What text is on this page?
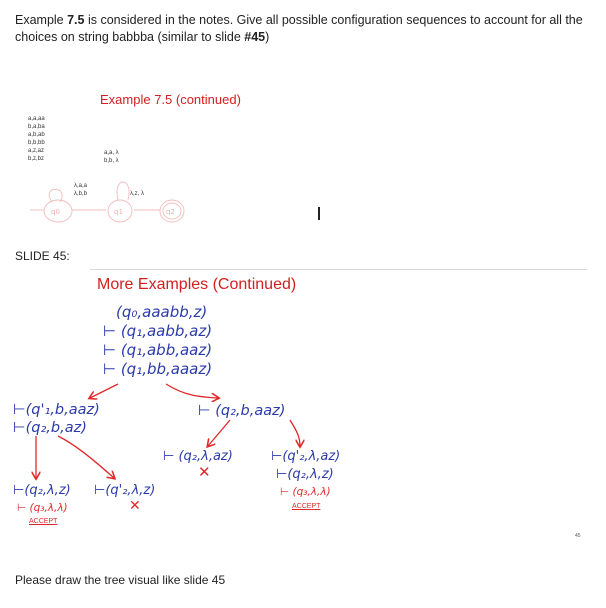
Example 7.5 is considered in the notes. Give all possible configuration sequences to account for all the choices on string babbba (similar to slide #45)
Example 7.5 (continued)
a,a,aa
b,a,ba
a,b,ab
b,b,bb
a,z,az
b,z,bz
a,a, λ
b,b, λ
λ,a,a
λ,b,b	λ,z, λ
q0	q1	q2
SLIDE 45:
More Examples (Continued)
(q₀,aaabb,z)
⊢ (q₁,aabb,az)
⊢ (q₁,abb,aaz)
⊢ (q₁,bb,aaaz)
⊢(q'₁,b,aaz)
⊢(q₂,b,az)
⊢ (q₂,b,aaz)
⊢ (q₂,λ,az)
✕
⊢(q'₂,λ,az)
⊢(q₂,λ,z)
⊢ (q₃,λ,λ)
ACCEPT
⊢(q₂,λ,z)
⊢ (q₃,λ,λ)
ACCEPT
⊢(q'₂,λ,z)
✕
45
Please draw the tree visual like slide 45
